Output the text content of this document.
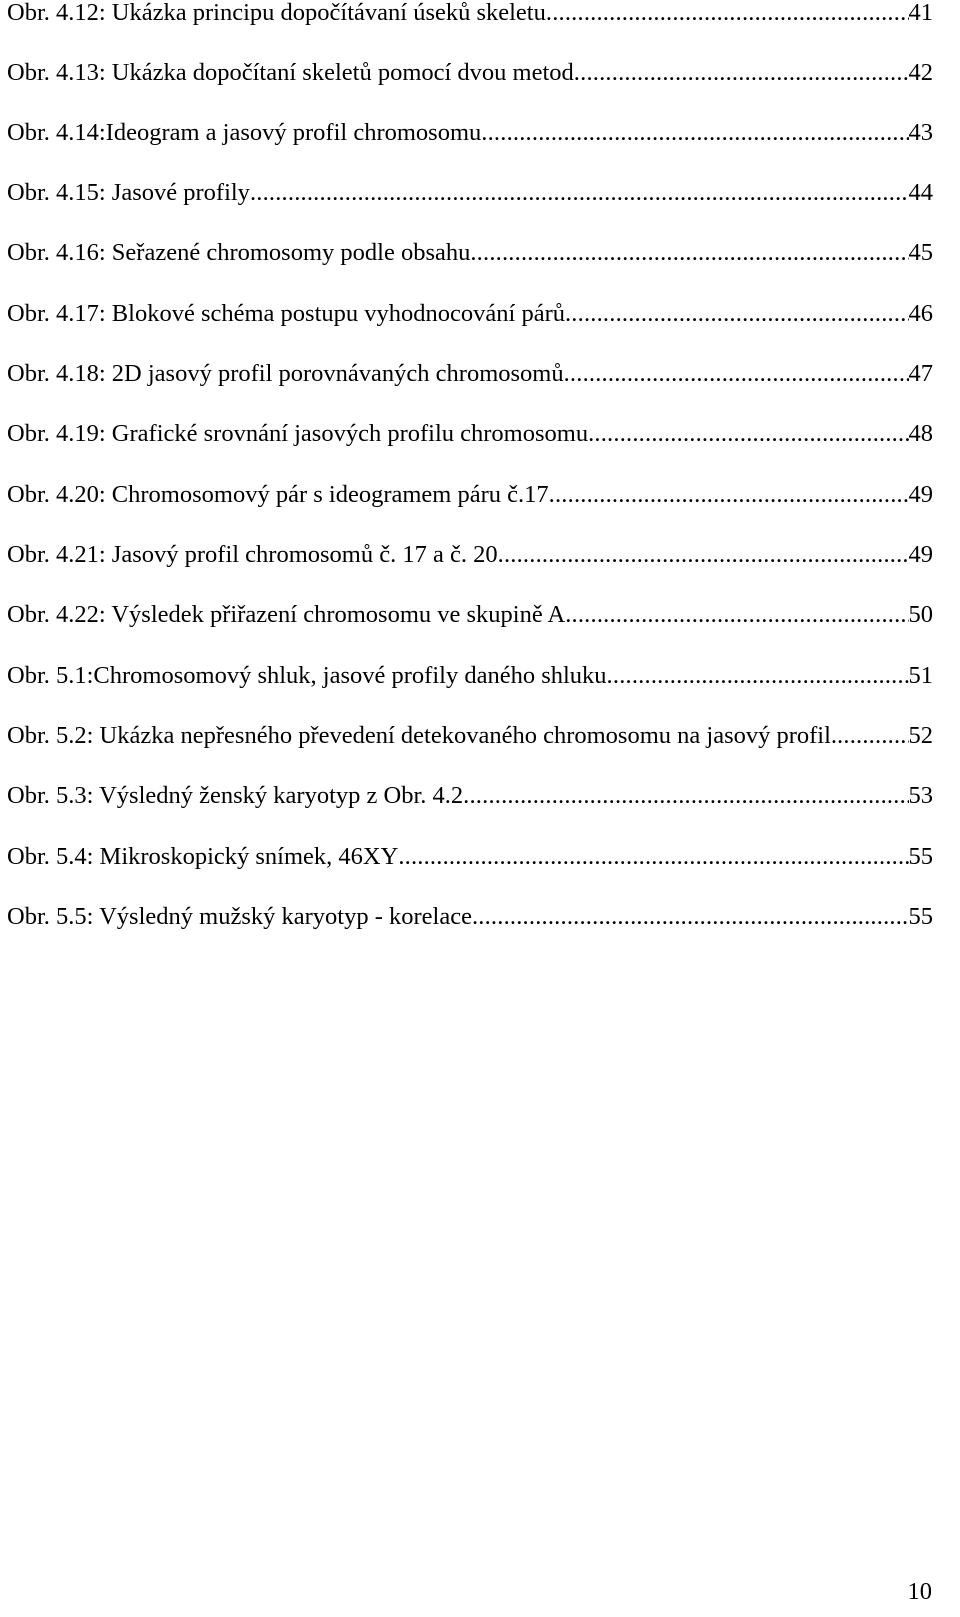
Obr. 4.12: Ukázka principu dopočítávaní úseků skeletu .....	41
Obr. 4.13: Ukázka dopočítaní skeletů pomocí dvou metod .....	42
Obr. 4.14:Ideogram a jasový profil chromosomu .....	43
Obr. 4.15: Jasové profily .....	44
Obr. 4.16: Seřazené chromosomy podle obsahu .....	45
Obr. 4.17: Blokové schéma postupu vyhodnocování párů .....	46
Obr. 4.18: 2D jasový profil porovnávaných chromosomů .....	47
Obr. 4.19: Grafické srovnání jasových profilu chromosomu .....	48
Obr. 4.20: Chromosomový pár s ideogramem páru č.17 .....	49
Obr. 4.21: Jasový profil chromosomů č. 17 a č. 20 .....	49
Obr. 4.22: Výsledek přiřazení chromosomu ve skupině A .....	50
Obr. 5.1:Chromosomový shluk, jasové profily daného shluku .....	51
Obr. 5.2: Ukázka nepřesného převedení detekovaného chromosomu na jasový profil. .....	52
Obr. 5.3: Výsledný ženský karyotyp z Obr. 4.2 .....	53
Obr. 5.4: Mikroskopický snímek, 46XY .....	55
Obr. 5.5: Výsledný mužský karyotyp - korelace .....	55
10
